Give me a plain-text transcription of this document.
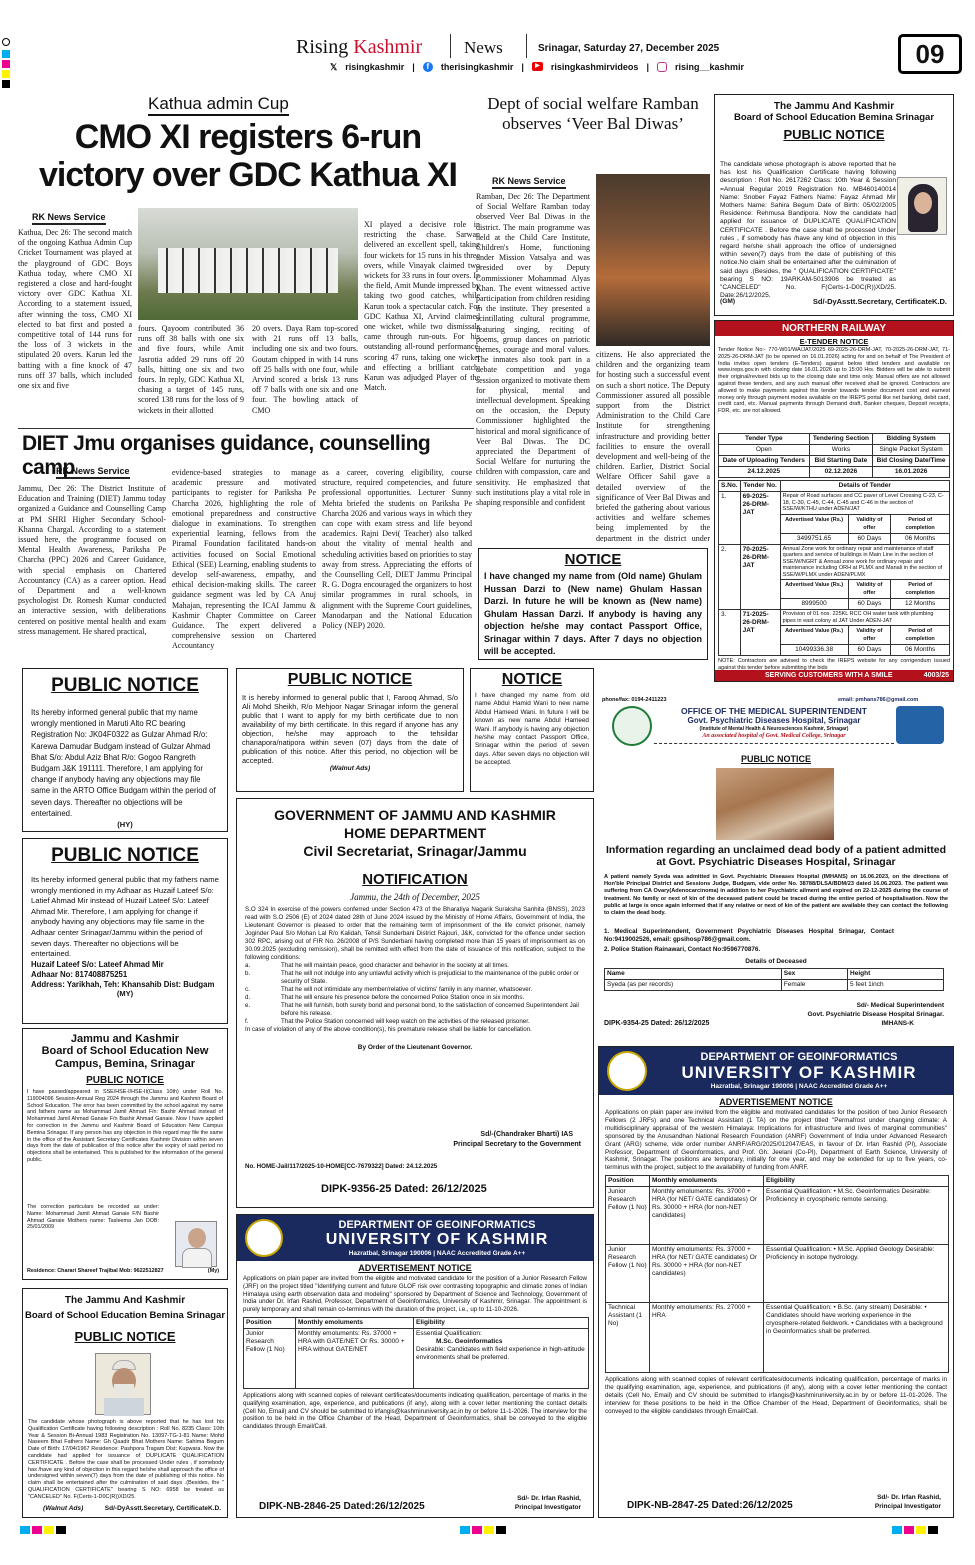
Rising Kashmir News	Srinagar, Saturday 27, December 2025	09
𝕏 risingkashmir |	f	therisingkashmir |	▶	risingkashmirvideos |	rising__kashmir
Kathua admin Cup
CMO XI registers 6-run victory over GDC Kathua XI
RK News Service
Kathua, Dec 26: The second match of the ongoing Kathua Admin Cup Cricket Tournament was played at the playground of GDC Boys Kathua today, where CMO XI registered a close and hard-fought victory over GDC Kathua XI. According to a statement issued, after winning the toss, CMO XI elected to bat first and posted a competitive total of 144 runs for the loss of 3 wickets in the stipulated 20 overs. Karun led the batting with a fine knock of 47 runs off 37 balls, which included one six and five
fours. Qayoom contributed 36 runs off 38 balls with one six and five fours, while Amit Jasrotia added 29 runs off 20 balls, hitting one six and two fours. In reply, GDC Kathua XI, chasing a target of 145 runs, scored 138 runs for the loss of 9 wickets in their allotted
20 overs. Daya Ram top-scored with 21 runs off 13 balls, including one six and two fours. Goutam chipped in with 14 runs off 25 balls with one four, while Arvind scored a brisk 13 runs off 7 balls with one six and one four. The bowling attack of CMO
XI played a decisive role in restricting the chase. Sarwan delivered an excellent spell, taking four wickets for 15 runs in his three overs, while Vinayak claimed two wickets for 33 runs in four overs. In the field, Amit Munde impressed by taking two good catches, while Karun took a spectacular catch. For GDC Kathua XI, Arvind claimed one wicket, while two dismissals came through run-outs. For his outstanding all-round performance, scoring 47 runs, taking one wicket and effecting a brilliant catch, Karun was adjudged Player of the Match.
Dept of social welfare Ramban observes ‘Veer Bal Diwas’
RK News Service
Ramban, Dec 26: The Department of Social Welfare Ramban today observed Veer Bal Diwas in the district. The main programme was held at the Child Care Institute, Children's Home, functioning under Mission Vatsalya and was presided over by Deputy Commissioner Mohammad Alyas Khan. The event witnessed active participation from children residing in the institute. They presented a scintillating cultural programme, featuring singing, reciting of poems, group dances on patriotic themes, courage and moral values. The inmates also took part in a debate competition and yoga session organized to motivate them for physical, mental and intellectual development. Speaking on the occasion, the Deputy Commissioner highlighted the historical and moral significance of Veer Bal Diwas. The DC appreciated the Department of Social Welfare for nurturing the children with compassion, care and sensitivity. He emphasized that such institutions play a vital role in shaping responsible and confident
citizens. He also appreciated the children and the organizing team for hosting such a successful event on such a short notice. The Deputy Commissioner assured all possible support from the District Administration to the Child Care Institute for strengthening infrastructure and providing better facilities to ensure the overall development and well-being of the children. Earlier, District Social Welfare Officer Sahil gave a detailed overview of the significance of Veer Bal Diwas and briefed the gathering about various activities and welfare schemes being implemented by the department in the district under
The Jammu And Kashmir
Board of School Education Bemina Srinagar
PUBLIC NOTICE
The candidate whose photograph is above reported that he has lost his Qualification Certificate having following description : Roll No. 2617262 Class: 10th Year & Session =Annual Regular 2019 Registration No. MB460140014 Name: Snober Fayaz Fathers Name: Fayaz Ahmad Mir Mothers Name: Sahira Begum Date of Birth: 05/02/2005 Residence: Rehmusa Bandipora. Now the candidate had applied for issuance of DUPLICATE QUALIFICATION CERTIFICATE . Before the case shall be processed Under rules , if somebody has /have any kind of objection in this regard he/she shall approach the office of undersigned within seven(7) days from the date of publishing of this notice.No claim shall be entertained after the culmination of said days .(Besides, the " QUALIFICATION CERTIFICATE" bearing S NO: 19ARKAM-5013906 be treated as "CANCELED" No. F(Certs-1-D0C(R))XD/25. Date:26/12/2025.
(GM)	Sd/-DyAsstt.Secretary, CertificateK.D.
NORTHERN RAILWAY
E-TENDER NOTICE
Tender Notice No:- 770-W01/WA/JAT/2025 69-2025-26-DRM-JAT, 70-2025-26-DRM-JAT, 71-2025-26-DRM-JAT (to be opened on 16.01.2026) acting for and on behalf of The President of India invites open tenders (E-Tenders) against below titled tenders and available on www.ireps.gov.in with closing date 16.01.2026 up to 15:00 Hrs. Bidders will be able to submit their original/revised bids up to the closing date and time only. Manual offers are not allowed against these tenders, and any such manual offer received shall be ignored. Contractors are allowed to make payments against this tender towards tender document cost and earnest money only through payment modes available on the IREPS portal like net banking, debit card, credit card, etc. Manual payments through Demand draft, Banker cheques, Deposit receipts, FDR, etc. are not allowed.
Tender Type	Tendering Section	Bidding System
Open	Works	Single Packet System
Date of Uploading Tenders	Bid Starting Date	Bid Closing Date/Time
24.12.2025	02.12.2026	16.01.2026
S.No.	Tender No.	Details of Tender		
1.	69-2025-26-DRM-JAT	Repair of Road surfaces and CC paver of Level Crossing C-23, C-18, C-30, C-45, C-44, C-45 and C-46 in the section of SSE/W/KTHU under ADEN/JAT		
		Advertised Value (Rs.)	Validity of offer	Period of completion
		3499751.65	60 Days	06 Months
2.	70-2025-26-DRM-JAT	Annual Zone work for ordinary repair and maintenance of staff quarters and service of buildings in Main Line in the section of SSE/W/NGRT & Annual zone work for ordinary repair and maintenance including ORH at PLMX and Manali in the section of SSE/W/PLMX under ADEN/PLMX		
		Advertised Value (Rs.)	Validity of offer	Period of completion
		8999500	60 Days	12 Months
3.	71-2025-26-DRM-JAT	Provision of 01 nos. 225KL RCC OH water tank with plumbing pipes in east colony at JAT Under ADEN-JAT		
		Advertised Value (Rs.)	Validity of offer	Period of completion
		10499336.38	60 Days	06 Months
NOTE: Contractors are advised to check the IREPS website for any corrigendum issued against this tender before submitting the bids
SERVING CUSTOMERS WITH A SMILE	4003/25
DIET Jmu organises guidance, counselling camp
RK News Service
Jammu, Dec 26: The District Institute of Education and Training (DIET) Jammu today organized a Guidance and Counselling Camp at PM SHRI Higher Secondary School- Khanna Chargal. According to a statement issued here, the programme focused on Mental Health Awareness, Pariksha Pe Charcha (PPC) 2026 and Career Guidance, with special emphasis on Chartered Accountancy (CA) as a career option. Head of Department and a well-known psychologist Dr. Romesh Kumar conducted an interactive session, with deliberations centered on positive mental health and exam stress management. He shared practical,
evidence-based strategies to manage academic pressure and motivated participants to register for Pariksha Pe Charcha 2026, highlighting the role of emotional preparedness and constructive dialogue in examinations. To strengthen experiential learning, fellows from the Piramal Foundation facilitated hands-on activities focused on Social Emotional Ethical (SEE) Learning, enabling students to develop self-awareness, empathy, and ethical decision-making skills. The career guidance segment was led by CA Anuj Mahajan, representing the ICAI Jammu & Kashmir Chapter Committee on Career Guidance. The expert delivered a comprehensive session on Chartered Accountancy
as a career, covering eligibility, course structure, required competencies, and future professional opportunities. Lecturer Sunny Mehta briefed the students on Pariksha Pe Charcha 2026 and various ways in which they can cope with exam stress and life beyond academics. Rajni Devi( Teacher) also talked about the vitality of mental health and scheduling activities based on priorities to stay away from stress. Appreciating the efforts of the Counselling Cell, DIET Jammu Principal R. G. Dogra encouraged the organizers to host similar programmes in rural schools, in alignment with the Supreme Court guidelines, Manodarpan and the National Education Policy (NEP) 2020.
NOTICE
I have changed my name from (Old name) Ghulam Hussan Darzi to (New name) Ghulam Hassan Darzi. In future he will be known as (New name) Ghulam Hassan Darzi. If anybody is having any objection he/she may contact Passport Office, Srinagar within 7 days. After 7 days no objection will be accepted.
PUBLIC NOTICE
Its hereby informed general public that my name wrongly mentioned in Maruti Alto RC bearing Registration No: JK04F0322 as Gulzar Ahmad R/o: Karewa Damudar Budgam instead of Gulzar Ahmad Bhat S/o: Abdul Aziz Bhat R/o: Gogoo Rangreth Budgam J&K 191111. Therefore, I am applying for change if anybody having any objections may file same in the ARTO Office Budgam within the period of seven days. Thereafter no objections will be entertained.
(HY)
PUBLIC NOTICE
It is hereby informed to general public that I, Farooq Ahmad, S/o Ali Mohd Sheikh, R/o Mehjoor Nagar Srinagar inform the general public that I want to apply for my birth certificate due to non availability of my birth certificate. In this regard if anyone has any objection, he/she may approach to the tehsildar chanapora/natipora within seven (07) days from the date of publication of this notice. After this period, no objection will be accepted.
(Walnut Ads)
NOTICE
I have changed my name from old name Abdul Hamid Wani to new name Abdul Hameed Wani. In future I will be known as new name Abdul Hameed Wani. If anybody is having any objection he/she may contact Passport Office, Srinagar within the period of seven days. After seven days no objection will be accepted.
PUBLIC NOTICE
Its hereby informed general public that my fathers name wrongly mentioned in my Adhaar as Huzaif Lateef S/o: Latief Ahmad Mir instead of Huzaif Lateef S/o: Lateef Ahmad Mir. Therefore, I am applying for change if anybody having any objections may file same in the Adhaar center Srinagar/Jammu within the period of seven days. Thereafter no objections will be entertained.
Huzaif Lateef S/o: Lateef Ahmad Mir
Adhaar No: 817408875251
Address: Yarikhah, Teh: Khansahib Dist: Budgam
(MY)
Jammu and Kashmir
Board of School Education New Campus, Bemina, Srinagar
PUBLIC NOTICE
I have passed/appeared in SSE/HSE-I/HSE-II(Class 10th) under Roll No. 119004096 Session-Annual Reg 2024 through the Jammu and Kashmir Board of School Education. The error has been committed by the school against my name and fathers name as Mohammad Jamil Ahmad F/n: Bashir Ahmad instead of Mohammad Jamil Ahmad Ganaie F/n Bashir Ahmad Ganaie. Now I have applied for correction in the Jammu and Kashmir Board of Education New Campus Bemina Srinagar. If any person has any objection in this regard may file the same in the office of the Assistant Secretary Certificates Kashmir Division within seven days from the date of publication of this notice after the expiry of said period no objections shall be entertained. This is published for the information of the general public.
The correction particulars be recorded as under: Name: Mohammad Jamil Ahmad Ganaie F/N Bashir Ahmad Ganaie Mothers name: Tasleema Jan DOB: 25/01/2009
Residence: Charari Shareef Trajibal Mob: 9622512827	(My)
The Jammu And Kashmir
Board of School Education Bemina Srinagar
PUBLIC NOTICE
The candidate whose photograph is above reported that he has lost his Qualification Certificate having following description : Roll No. 8235 Class: 10th Year & Session Bi-Annual 1983 Registration No. 13097-TG-1-81 Name: Mohd Naseem Bhat Fathers Name: Gh Qaadir Bhat Mothers Name: Sahima Begum Date of Birth: 17/04/1967 Residence: Pashpora Tragam Dist: Kupwara. Now the candidate had applied for issuance of DUPLICATE QUALIFICATION CERTIFICATE . Before the case shall be processed Under rules , if somebody has /have any kind of objection in this regard he/she shall approach the office of undersigned within seven(7) days from the date of publishing of this notice. No claim shall be entertained after the culmination of said days .(Besides, the " QUALIFICATION CERTIFICATE" bearing S NO: 6958 be treated as "CANCELED" No. F(Certs-1-D0C(R))XD/25.
(Walnut Ads)	Sd/-DyAsstt.Secretary, CertificateK.D.
GOVERNMENT OF JAMMU AND KASHMIR
HOME DEPARTMENT
Civil Secretariat, Srinagar/Jammu
NOTIFICATION
Jammu, the 24th of December, 2025
S.O 324 In exercise of the powers conferred under Section 473 of the Bharatiya Nagarik Suraksha Sanhita (BNSS), 2023 read with S.O 2506 (E) of 2024 dated 28th of June 2024 issued by the Ministry of Home Affairs, Government of India, the Lieutenant Governor is pleased to order that the remaining term of imprisonment of the life convict prisoner, namely Joginder Paul S/o Mohan Lal R/o Kalidah, Tehsil Sunderbani District Rajouri, J&K, convicted for the offence under section 302 RPC, arising out of FIR No. 26/2008 of P/S Sunderbani having completed more than 15 years of imprisonment as on 30.09.2025 (excluding remission), shall be remitted with effect from the date of issuance of this notification, subject to the following conditions:
a.	That he will maintain peace, good character and behavior in the society at all times.
b.	That he will not indulge into any unlawful activity which is prejudicial to the maintenance of the public order or security of State.
c.	That he will not intimidate any member/relative of victims' family in any manner, whatsoever.
d.	That he will ensure his presence before the concerned Police Station once in six months.
e.	That he will furnish, both surety bond and personal bond, to the satisfaction of concerned Superintendent Jail before his release.
f.	That the Police Station concerned will keep watch on the activities of the released prisoner.
In case of violation of any of the above condition(s), his premature release shall be liable for cancellation.
By Order of the Lieutenant Governor.
Sd/-(Chandraker Bharti) IAS
Principal Secretary to the Government
No. HOME-Jail/117/2025-10-HOME[CC-7679322] Dated: 24.12.2025
DIPK-9356-25 Dated: 26/12/2025
DEPARTMENT OF GEOINFORMATICS
UNIVERSITY OF KASHMIR
Hazratbal, Srinagar 190006 | NAAC Accredited Grade A++
ADVERTISEMENT NOTICE
Applications on plain paper are invited from the eligible and motivated candidate for the position of a Junior Research Fellow (JRF) on the project titled "Identifying current and future GLOF risk over contrasting topographic and climatic zones of Indian Himalaya using earth observation data and modeling" sponsored by Department of Science and Technology, Government of India under Dr. Irfan Rashid, Professor, Department of Geoinformatics, University of Kashmir, Srinagar. The appointment is purely temporary and shall remain co-terminus with the duration of the project, i.e., up to 11-10-2026.
Position	Monthly emoluments	Eligibility
Junior Research Fellow (1 No)	Monthly emoluments: Rs. 37000 + HRA with GATE/NET Or Rs. 30000 + HRA without GATE/NET	Essential Qualification:
M.Sc. Geoinformatics
Desirable: Candidates with field experience in high-altitude environments shall be preferred.
Applications along with scanned copies of relevant certificates/documents indicating qualification, percentage of marks in the qualifying examination, age, experience, and publications (if any), along with a cover letter mentioning the contact details (Cell No, Email) and CV should be submitted to irfangis@kashmiruniversity.ac.in by or before 11-1-2026. The interview for the position to be held in the Office Chamber of the Head, Department of Geoinformatics, shall be conveyed to the eligible candidates through Email/Call.
DIPK-NB-2846-25 Dated:26/12/2025
Sd/- Dr. Irfan Rashid,
Principal Investigator
phone/fax: 0194-2411223	email: pmhans786@gmail.com
OFFICE OF THE MEDICAL SUPERINTENDENT
Govt. Psychiatric Diseases Hospital, Srinagar
(Institute of Mental Health & Neurosciences Kashmir, Srinagar)
An associated hospital of Govt. Medical College, Srinagar
PUBLIC NOTICE
Information regarding an unclaimed dead body of a patient admitted at Govt. Psychiatric Diseases Hospital, Srinagar
A patient namely Syeda was admitted in Govt. Psychiatric Diseases Hospital (IMHANS) on 16.06.2023, on the directions of Hon'ble Principal District and Sessions Judge, Budgam, vide order No. 38788/DLSA/BDM/23 dated 16.06.2023. The patient was suffering from CA Ovary(Adenocarcinoma) in addition to her Psychiatric ailment and expired on 22-12-2025 during the course of treatment. No family or next of kin of the deceased patient could be traced during the entire period of hospitalisation. Now the public at large is once again informed that if any relative or next of kin of the patient are available they can contact the following to claim the dead body.
1. Medical Superintendent, Government Psychiatric Diseases Hospital Srinagar, Contact No:9419002526, email: gpsihosp786@gmail.com.
2. Police Station Rainawari, Contact No:9596770876.
Details of Deceased
Name	Sex	Height
Syeda (as per records)	Female	5 feet 1inch
Sd/- Medical Superintendent
Govt. Psychiatric Disease Hospital Srinagar.
IMHANS-K
DIPK-9354-25 Dated: 26/12/2025
DEPARTMENT OF GEOINFORMATICS
UNIVERSITY OF KASHMIR
Hazratbal, Srinagar 190006 | NAAC Accredited Grade A++
ADVERTISEMENT NOTICE
Applications on plain paper are invited from the eligible and motivated candidates for the position of two Junior Research Fellows (2 JRFs) and one Technical Assistant (1 TA) on the project titled "Permafrost under changing climate: A multidisciplinary appraisal of the western Himalaya: Implications for infrastructure and lives of marginal communities" sponsored by the Anusandhan National Research Foundation (ANRF) Government of India under Advanced Research Grant (ARG) scheme, vide order number ANRF/ARG/2025/012047/EAS, in favour of Dr. Irfan Rashid (PI), Associate Professor, Department of Geoinformatics, and Prof. Gh. Jeelani (Co-PI), Department of Earth Science, University of Kashmir, Srinagar. The positions are temporary, initially for one year, and may be extended for up to five years, co-terminus with the project, subject to the availability of funding from ANRF.
Position	Monthly emoluments	Eligibility
Junior Research Fellow (1 No)	Monthly emoluments: Rs. 37000 + HRA (for NET/ GATE candidates) Or Rs. 30000 + HRA (for non-NET candidates)	Essential Qualification: • M.Sc. Geoinformatics Desirable: Proficiency in cryospheric remote sensing.
Junior Research Fellow (1 No)	Monthly emoluments: Rs. 37000 + HRA (for NET/ GATE candidates) Or Rs. 30000 + HRA (for non-NET candidates)	Essential Qualification: • M.Sc. Applied Geology Desirable: Proficiency in isotope hydrology.
Technical Assistant (1 No)	Monthly emoluments: Rs. 27000 + HRA	Essential Qualification: • B.Sc. (any stream) Desirable: • Candidates should have working experience in the cryosphere-related fieldwork. • Candidates with a background in Geoinformatics shall be preferred.
Applications along with scanned copies of relevant certificates/documents indicating qualification, percentage of marks in the qualifying examination, age, experience, and publications (if any), along with a cover letter mentioning the contact details (Cell No, Email) and CV should be submitted to irfangis@kashmiruniversity.ac.in by or before 11-01-2026. The interview for these positions to be held in the Office Chamber of the Head, Department of Geoinformatics, shall be conveyed to the eligible candidates through Email/Call.
DIPK-NB-2847-25 Dated:26/12/2025
Sd/- Dr. Irfan Rashid,
Principal Investigator
